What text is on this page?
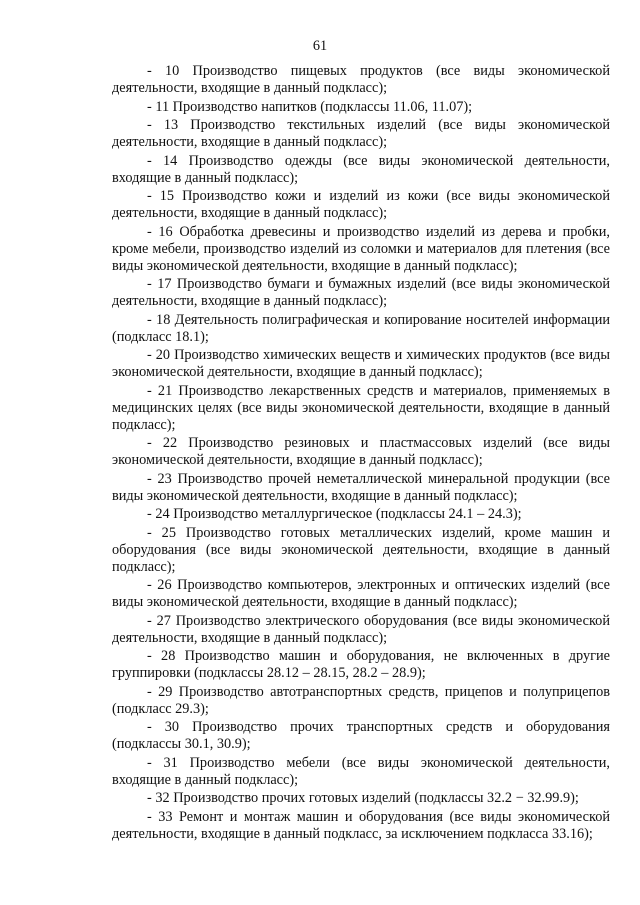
61

- 10 Производство пищевых продуктов (все виды экономической деятельности, входящие в данный подкласс);

- 11 Производство напитков (подклассы 11.06, 11.07);

- 13 Производство текстильных изделий (все виды экономической деятельности, входящие в данный подкласс);

- 14 Производство одежды (все виды экономической деятельности, входящие в данный подкласс);

- 15 Производство кожи и изделий из кожи (все виды экономической деятельности, входящие в данный подкласс);

- 16 Обработка древесины и производство изделий из дерева и пробки, кроме мебели, производство изделий из соломки и материалов для плетения (все виды экономической деятельности, входящие в данный подкласс);

- 17 Производство бумаги и бумажных изделий (все виды экономической деятельности, входящие в данный подкласс);

- 18 Деятельность полиграфическая и копирование носителей информации (подкласс 18.1);

- 20 Производство химических веществ и химических продуктов (все виды экономической деятельности, входящие в данный подкласс);

- 21 Производство лекарственных средств и материалов, применяемых в медицинских целях (все виды экономической деятельности, входящие в данный подкласс);

- 22 Производство резиновых и пластмассовых изделий (все виды экономической деятельности, входящие в данный подкласс);

- 23 Производство прочей неметаллической минеральной продукции (все виды экономической деятельности, входящие в данный подкласс);

- 24 Производство металлургическое (подклассы 24.1 – 24.3);

- 25 Производство готовых металлических изделий, кроме машин и оборудования (все виды экономической деятельности, входящие в данный подкласс);

- 26 Производство компьютеров, электронных и оптических изделий (все виды экономической деятельности, входящие в данный подкласс);

- 27 Производство электрического оборудования (все виды экономической деятельности, входящие в данный подкласс);

- 28 Производство машин и оборудования, не включенных в другие группировки (подклассы 28.12 – 28.15, 28.2 – 28.9);

- 29 Производство автотранспортных средств, прицепов и полуприцепов (подкласс 29.3);

- 30 Производство прочих транспортных средств и оборудования (подклассы 30.1, 30.9);

- 31 Производство мебели (все виды экономической деятельности, входящие в данный подкласс);

- 32 Производство прочих готовых изделий (подклассы 32.2 − 32.99.9);

- 33 Ремонт и монтаж машин и оборудования (все виды экономической деятельности, входящие в данный подкласс, за исключением подкласса 33.16);
